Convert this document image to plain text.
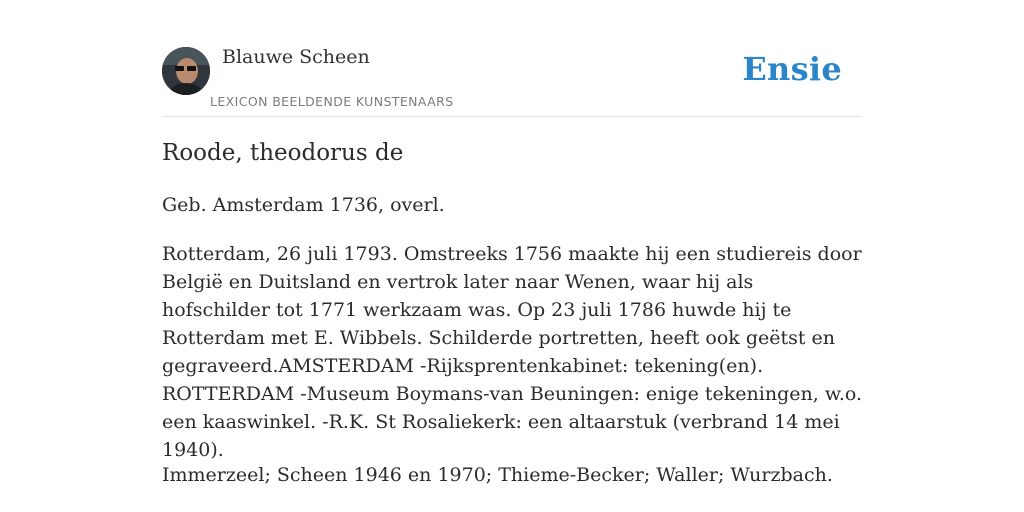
Blauwe Scheen
LEXICON BEELDENDE KUNSTENAARS
Ensie
Roode, theodorus de
Geb. Amsterdam 1736, overl.
Rotterdam, 26 juli 1793. Omstreeks 1756 maakte hij een studiereis door België en Duitsland en vertrok later naar Wenen, waar hij als hofschilder tot 1771 werkzaam was. Op 23 juli 1786 huwde hij te Rotterdam met E. Wibbels. Schilderde portretten, heeft ook geëtst en gegraveerd.AMSTERDAM -Rijksprentenkabinet: tekening(en). ROTTERDAM -Museum Boymans-van Beuningen: enige tekeningen, w.o. een kaaswinkel. -R.K. St Rosaliekerk: een altaarstuk (verbrand 14 mei 1940).
Immerzeel; Scheen 1946 en 1970; Thieme-Becker; Waller; Wurzbach.
